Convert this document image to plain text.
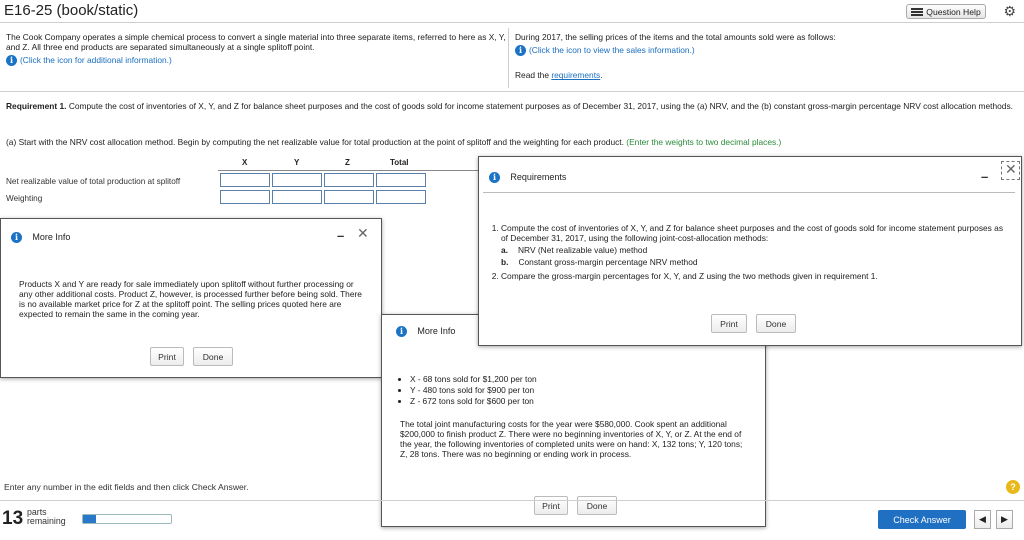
E16-25 (book/static)	Question Help ⚙
The Cook Company operates a simple chemical process to convert a single material into three separate items, referred to here as X, Y, and Z. All three end products are separated simultaneously at a single splitoff point.
i (Click the icon for additional information.)
During 2017, the selling prices of the items and the total amounts sold were as follows:
i (Click the icon to view the sales information.)
Read the requirements.
Requirement 1. Compute the cost of inventories of X, Y, and Z for balance sheet purposes and the cost of goods sold for income statement purposes as of December 31, 2017, using the (a) NRV, and the (b) constant gross-margin percentage NRV cost allocation methods.
(a) Start with the NRV cost allocation method. Begin by computing the net realizable value for total production at the point of splitoff and the weighting for each product. (Enter the weights to two decimal places.)
X	Y	Z	Total
Net realizable value of total production at splitoff
Weighting
i More Info	– ✕
Products X and Y are ready for sale immediately upon splitoff without further processing or any other additional costs. Product Z, however, is processed further before being sold. There is no available market price for Z at the splitoff point. The selling prices quoted here are expected to remain the same in the coming year.
Print	Done
i More Info
• X - 68 tons sold for $1,200 per ton
• Y - 480 tons sold for $900 per ton
• Z - 672 tons sold for $600 per ton
The total joint manufacturing costs for the year were $580,000. Cook spent an additional $200,000 to finish product Z. There were no beginning inventories of X, Y, or Z. At the end of the year, the following inventories of completed units were on hand: X, 132 tons; Y, 120 tons; Z, 28 tons. There was no beginning or ending work in process.
Print	Done
i Requirements	– ✕
1. Compute the cost of inventories of X, Y, and Z for balance sheet purposes and the cost of goods sold for income statement purposes as of December 31, 2017, using the following joint-cost-allocation methods:
a. NRV (Net realizable value) method
b. Constant gross-margin percentage NRV method
2. Compare the gross-margin percentages for X, Y, and Z using the two methods given in requirement 1.
Print	Done
Enter any number in the edit fields and then click Check Answer.	?
13 parts
remaining	Check Answer	◀	▶
